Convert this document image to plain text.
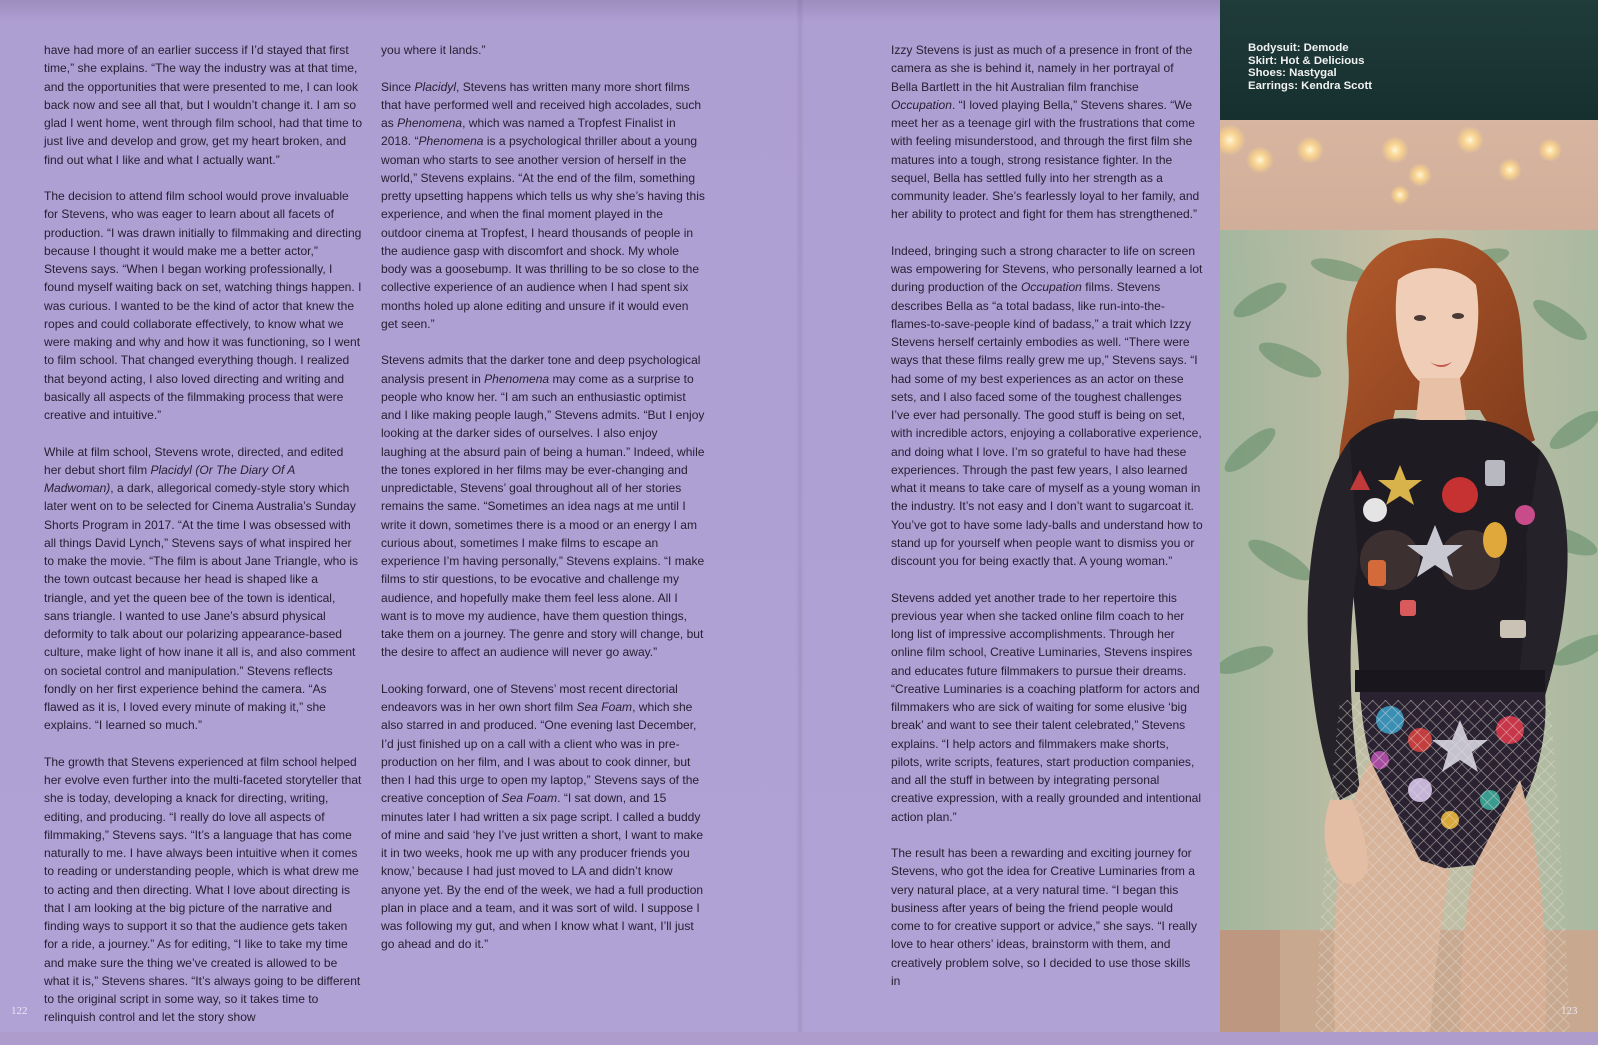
have had more of an earlier success if I’d stayed that first time,” she explains. “The way the industry was at that time, and the opportunities that were presented to me, I can look back now and see all that, but I wouldn’t change it. I am so glad I went home, went through film school, had that time to just live and develop and grow, get my heart broken, and find out what I like and what I actually want.”

The decision to attend film school would prove invaluable for Stevens, who was eager to learn about all facets of production. “I was drawn initially to filmmaking and directing because I thought it would make me a better actor,” Stevens says. “When I began working professionally, I found myself waiting back on set, watching things happen. I was curious. I wanted to be the kind of actor that knew the ropes and could collaborate effectively, to know what we were making and why and how it was functioning, so I went to film school. That changed everything though. I realized that beyond acting, I also loved directing and writing and basically all aspects of the filmmaking process that were creative and intuitive.”

While at film school, Stevens wrote, directed, and edited her debut short film Placidyl (Or The Diary Of A Madwoman), a dark, allegorical comedy-style story which later went on to be selected for Cinema Australia’s Sunday Shorts Program in 2017. “At the time I was obsessed with all things David Lynch,” Stevens says of what inspired her to make the movie. “The film is about Jane Triangle, who is the town outcast because her head is shaped like a triangle, and yet the queen bee of the town is identical, sans triangle. I wanted to use Jane’s absurd physical deformity to talk about our polarizing appearance-based culture, make light of how inane it all is, and also comment on societal control and manipulation.” Stevens reflects fondly on her first experience behind the camera. “As flawed as it is, I loved every minute of making it,” she explains. “I learned so much.”

The growth that Stevens experienced at film school helped her evolve even further into the multi-faceted storyteller that she is today, developing a knack for directing, writing, editing, and producing. “I really do love all aspects of filmmaking,” Stevens says. “It’s a language that has come naturally to me. I have always been intuitive when it comes to reading or understanding people, which is what drew me to acting and then directing. What I love about directing is that I am looking at the big picture of the narrative and finding ways to support it so that the audience gets taken for a ride, a journey.” As for editing, “I like to take my time and make sure the thing we’ve created is allowed to be what it is,” Stevens shares. “It’s always going to be different to the original script in some way, so it takes time to relinquish control and let the story show

you where it lands.”

Since Placidyl, Stevens has written many more short films that have performed well and received high accolades, such as Phenomena, which was named a Tropfest Finalist in 2018. “Phenomena is a psychological thriller about a young woman who starts to see another version of herself in the world,” Stevens explains. “At the end of the film, something pretty upsetting happens which tells us why she’s having this experience, and when the final moment played in the outdoor cinema at Tropfest, I heard thousands of people in the audience gasp with discomfort and shock. My whole body was a goosebump. It was thrilling to be so close to the collective experience of an audience when I had spent six months holed up alone editing and unsure if it would even get seen.”

Stevens admits that the darker tone and deep psychological analysis present in Phenomena may come as a surprise to people who know her. “I am such an enthusiastic optimist and I like making people laugh,” Stevens admits. “But I enjoy looking at the darker sides of ourselves. I also enjoy laughing at the absurd pain of being a human.” Indeed, while the tones explored in her films may be ever-changing and unpredictable, Stevens’ goal throughout all of her stories remains the same. “Sometimes an idea nags at me until I write it down, sometimes there is a mood or an energy I am curious about, sometimes I make films to escape an experience I’m having personally,” Stevens explains. “I make films to stir questions, to be evocative and challenge my audience, and hopefully make them feel less alone. All I want is to move my audience, have them question things, take them on a journey. The genre and story will change, but the desire to affect an audience will never go away.”

Looking forward, one of Stevens’ most recent directorial endeavors was in her own short film Sea Foam, which she also starred in and produced. “One evening last December, I’d just finished up on a call with a client who was in pre-production on her film, and I was about to cook dinner, but then I had this urge to open my laptop,” Stevens says of the creative conception of Sea Foam. “I sat down, and 15 minutes later I had written a six page script. I called a buddy of mine and said ‘hey I’ve just written a short, I want to make it in two weeks, hook me up with any producer friends you know,’ because I had just moved to LA and didn’t know anyone yet. By the end of the week, we had a full production plan in place and a team, and it was sort of wild. I suppose I was following my gut, and when I know what I want, I’ll just go ahead and do it.”

Izzy Stevens is just as much of a presence in front of the camera as she is behind it, namely in her portrayal of Bella Bartlett in the hit Australian film franchise Occupation. “I loved playing Bella,” Stevens shares. “We meet her as a teenage girl with the frustrations that come with feeling misunderstood, and through the first film she matures into a tough, strong resistance fighter. In the sequel, Bella has settled fully into her strength as a community leader. She’s fearlessly loyal to her family, and her ability to protect and fight for them has strengthened.”

Indeed, bringing such a strong character to life on screen was empowering for Stevens, who personally learned a lot during production of the Occupation films. Stevens describes Bella as “a total badass, like run-into-the-flames-to-save-people kind of badass,” a trait which Izzy Stevens herself certainly embodies as well. “There were ways that these films really grew me up,” Stevens says. “I had some of my best experiences as an actor on these sets, and I also faced some of the toughest challenges I’ve ever had personally. The good stuff is being on set, with incredible actors, enjoying a collaborative experience, and doing what I love. I’m so grateful to have had these experiences. Through the past few years, I also learned what it means to take care of myself as a young woman in the industry. It’s not easy and I don’t want to sugarcoat it. You’ve got to have some lady-balls and understand how to stand up for yourself when people want to dismiss you or discount you for being exactly that. A young woman.”

Stevens added yet another trade to her repertoire this previous year when she tacked online film coach to her long list of impressive accomplishments. Through her online film school, Creative Luminaries, Stevens inspires and educates future filmmakers to pursue their dreams. “Creative Luminaries is a coaching platform for actors and filmmakers who are sick of waiting for some elusive ‘big break’ and want to see their talent celebrated,” Stevens explains. “I help actors and filmmakers make shorts, pilots, write scripts, features, start production companies, and all the stuff in between by integrating personal creative expression, with a really grounded and intentional action plan.”

The result has been a rewarding and exciting journey for Stevens, who got the idea for Creative Luminaries from a very natural place, at a very natural time. “I began this business after years of being the friend people would come to for creative support or advice,” she says. “I really love to hear others’ ideas, brainstorm with them, and creatively problem solve, so I decided to use those skills in

122
Bodysuit: Demode
Skirt: Hot & Delicious
Shoes: Nastygal
Earrings: Kendra Scott
123
